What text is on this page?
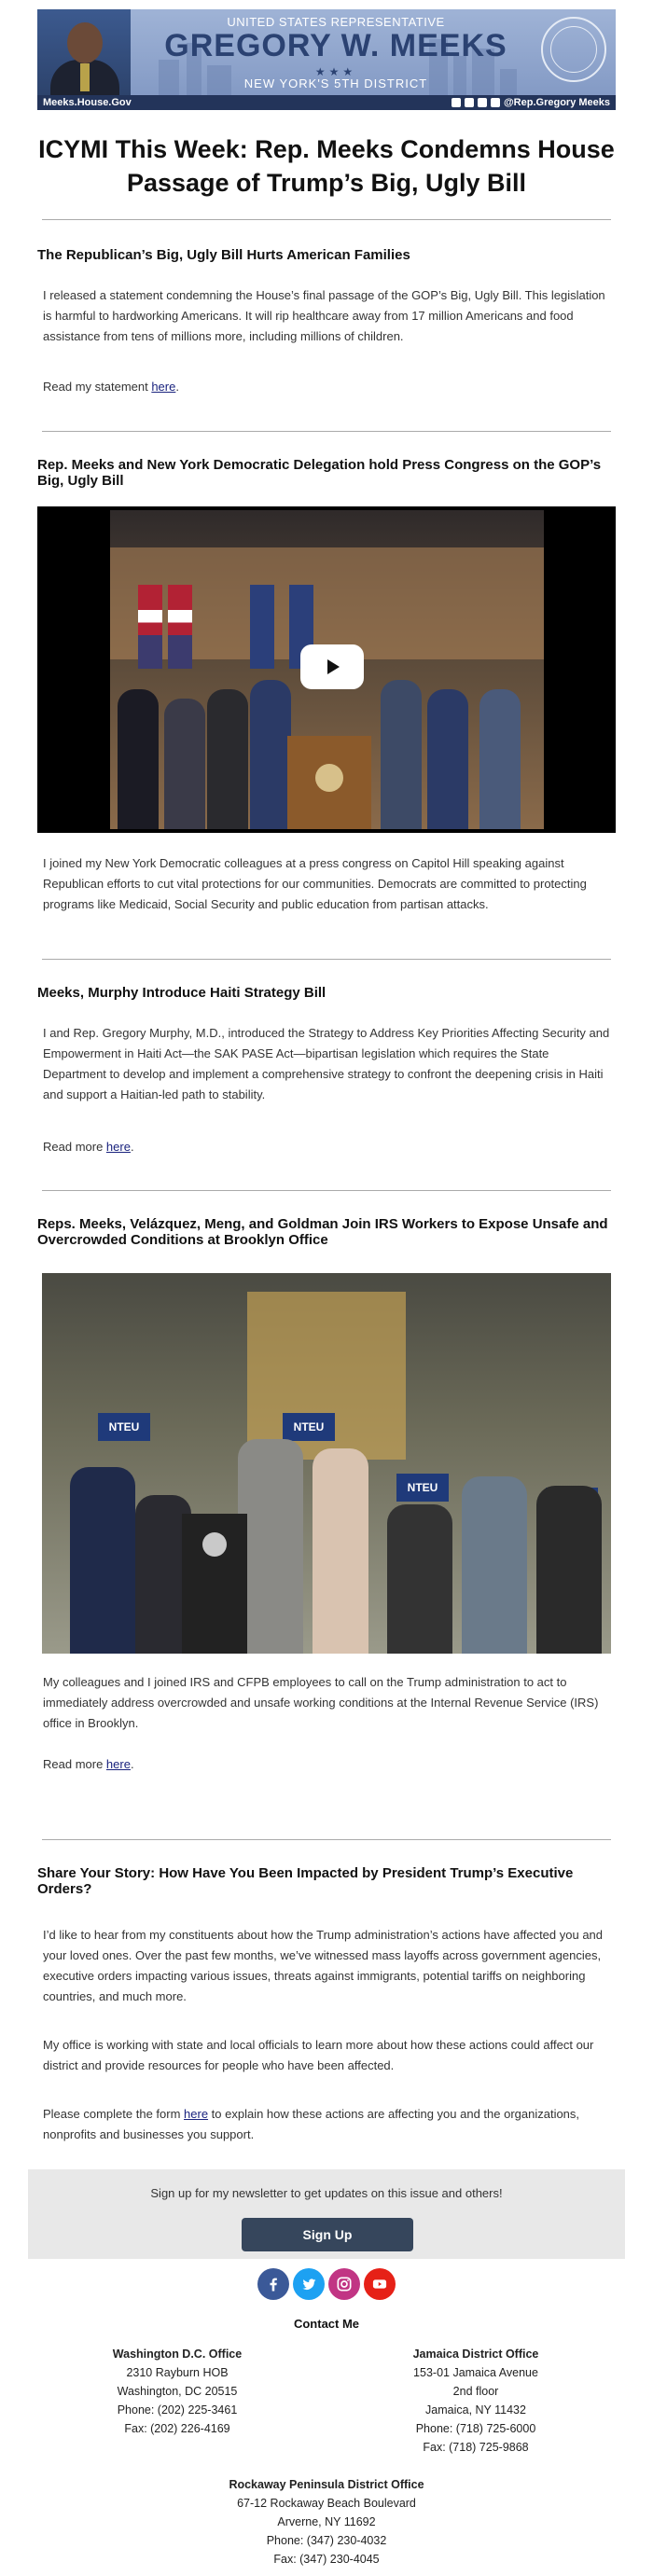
UNITED STATES REPRESENTATIVE
GREGORY W. MEEKS
★★★
NEW YORK'S 5TH DISTRICT
Meeks.House.Gov	@Rep.Gregory Meeks
ICYMI This Week: Rep. Meeks Condemns House Passage of Trump’s Big, Ugly Bill
The Republican’s Big, Ugly Bill Hurts American Families
I released a statement condemning the House’s final passage of the GOP’s Big, Ugly Bill. This legislation is harmful to hardworking Americans. It will rip healthcare away from 17 million Americans and food assistance from tens of millions more, including millions of children.
Read my statement here.
Rep. Meeks and New York Democratic Delegation hold Press Congress on the GOP’s Big, Ugly Bill
I joined my New York Democratic colleagues at a press congress on Capitol Hill speaking against Republican efforts to cut vital protections for our communities. Democrats are committed to protecting programs like Medicaid, Social Security and public education from partisan attacks.
Meeks, Murphy Introduce Haiti Strategy Bill
I and Rep. Gregory Murphy, M.D., introduced the Strategy to Address Key Priorities Affecting Security and Empowerment in Haiti Act—the SAK PASE Act—bipartisan legislation which requires the State Department to develop and implement a comprehensive strategy to confront the deepening crisis in Haiti and support a Haitian-led path to stability.
Read more here.
Reps. Meeks, Velázquez, Meng, and Goldman Join IRS Workers to Expose Unsafe and Overcrowded Conditions at Brooklyn Office
NTEU	NTEU
NTEU
My colleagues and I joined IRS and CFPB employees to call on the Trump administration to act to immediately address overcrowded and unsafe working conditions at the Internal Revenue Service (IRS) office in Brooklyn.
Read more here.
Share Your Story: How Have You Been Impacted by President Trump’s Executive Orders?
I’d like to hear from my constituents about how the Trump administration’s actions have affected you and your loved ones. Over the past few months, we’ve witnessed mass layoffs across government agencies, executive orders impacting various issues, threats against immigrants, potential tariffs on neighboring countries, and much more.
My office is working with state and local officials to learn more about how these actions could affect our district and provide resources for people who have been affected.
Please complete the form here to explain how these actions are affecting you and the organizations, nonprofits and businesses you support.
Sign up for my newsletter to get updates on this issue and others!
Sign Up
Contact Me
Washington D.C. Office
2310 Rayburn HOB
Washington, DC 20515
Phone: (202) 225-3461
Fax: (202) 226-4169
Jamaica District Office
153-01 Jamaica Avenue
2nd floor
Jamaica, NY 11432
Phone: (718) 725-6000
Fax: (718) 725-9868
Rockaway Peninsula District Office
67-12 Rockaway Beach Boulevard
Arverne, NY 11692
Phone: (347) 230-4032
Fax: (347) 230-4045
